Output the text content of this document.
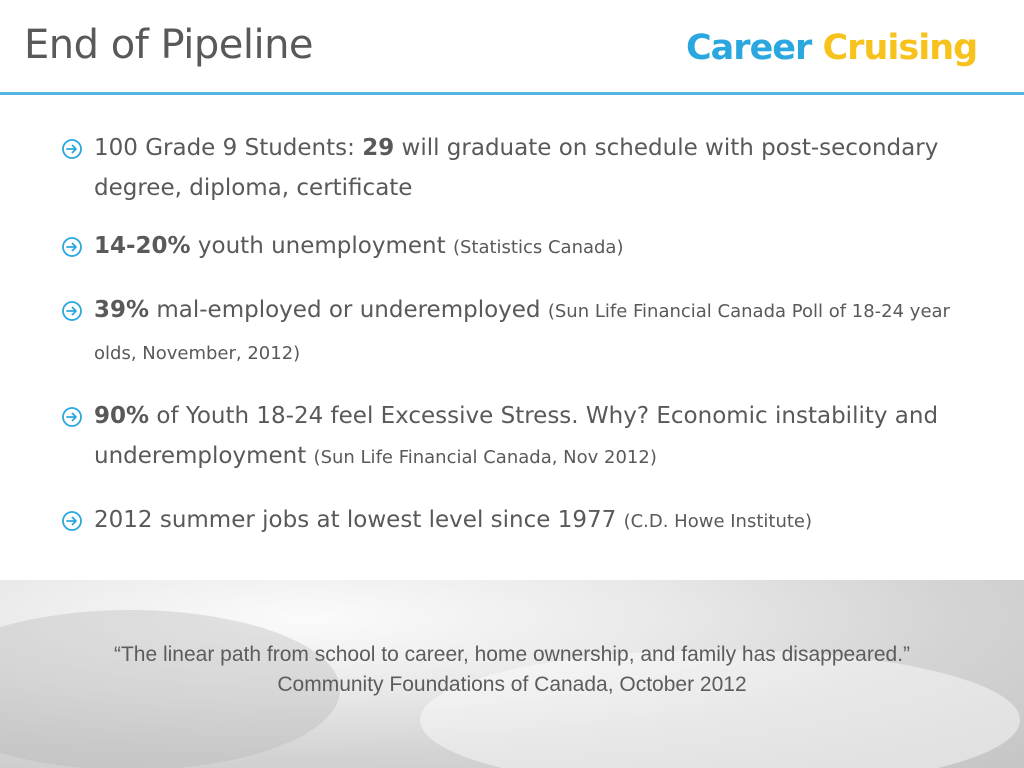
End of Pipeline	Career Cruising
100 Grade 9 Students: 29 will graduate on schedule with post-secondary degree, diploma, certificate
14-20% youth unemployment (Statistics Canada)
39% mal-employed or underemployed (Sun Life Financial Canada Poll of 18-24 year olds, November, 2012)
90% of Youth 18-24 feel Excessive Stress. Why? Economic instability and underemployment (Sun Life Financial Canada, Nov 2012)
2012 summer jobs at lowest level since 1977 (C.D. Howe Institute)
“The linear path from school to career, home ownership, and family has disappeared.”
Community Foundations of Canada, October 2012
